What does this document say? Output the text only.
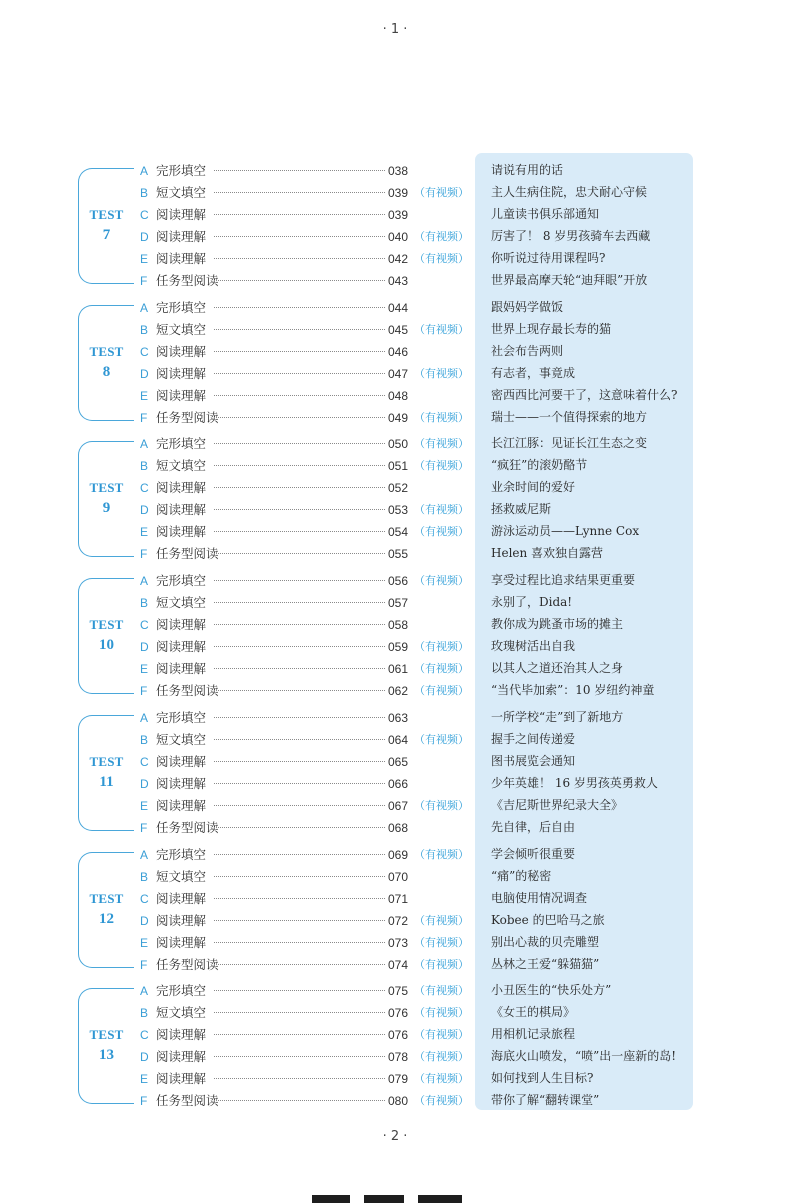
· 1 ·
TEST
7
A 完形填空	038	请说有用的话
B 短文填空	039 （有视频） 主人生病住院，忠犬耐心守候
C 阅读理解	039	儿童读书俱乐部通知
D 阅读理解	040 （有视频） 厉害了！ 8 岁男孩骑车去西藏
E 阅读理解	042 （有视频） 你听说过待用课程吗?
F 任务型阅读	043	世界最高摩天轮“迪拜眼”开放
TEST
8
A 完形填空	044	跟妈妈学做饭
B 短文填空	045 （有视频） 世界上现存最长寿的猫
C 阅读理解	046	社会布告两则
D 阅读理解	047 （有视频） 有志者，事竟成
E 阅读理解	048	密西西比河要干了，这意味着什么?
F 任务型阅读	049 （有视频） 瑞士——一个值得探索的地方
TEST
9
A 完形填空	050 （有视频） 长江江豚：见证长江生态之变
B 短文填空	051 （有视频） “疯狂”的滚奶酪节
C 阅读理解	052	业余时间的爱好
D 阅读理解	053 （有视频） 拯救威尼斯
E 阅读理解	054 （有视频） 游泳运动员——Lynne Cox
F 任务型阅读	055	Helen 喜欢独自露营
TEST
10
A 完形填空	056 （有视频） 享受过程比追求结果更重要
B 短文填空	057	永别了，Dida!
C 阅读理解	058	教你成为跳蚤市场的摊主
D 阅读理解	059 （有视频） 玫瑰树活出自我
E 阅读理解	061 （有视频） 以其人之道还治其人之身
F 任务型阅读	062 （有视频） “当代毕加索”：10 岁纽约神童
TEST
11
A 完形填空	063	一所学校“走”到了新地方
B 短文填空	064 （有视频） 握手之间传递爱
C 阅读理解	065	图书展览会通知
D 阅读理解	066	少年英雄！ 16 岁男孩英勇救人
E 阅读理解	067 （有视频） 《吉尼斯世界纪录大全》
F 任务型阅读	068	先自律，后自由
TEST
12
A 完形填空	069 （有视频） 学会倾听很重要
B 短文填空	070	“痛”的秘密
C 阅读理解	071	电脑使用情况调查
D 阅读理解	072 （有视频） Kobee 的巴哈马之旅
E 阅读理解	073 （有视频） 别出心裁的贝壳雕塑
F 任务型阅读	074 （有视频） 丛林之王爱“躲猫猫”
TEST
13
A 完形填空	075 （有视频） 小丑医生的“快乐处方”
B 短文填空	076 （有视频） 《女王的棋局》
C 阅读理解	076 （有视频） 用相机记录旅程
D 阅读理解	078 （有视频） 海底火山喷发，“喷”出一座新的岛!
E 阅读理解	079 （有视频） 如何找到人生目标?
F 任务型阅读	080 （有视频） 带你了解“翻转课堂”
· 2 ·
